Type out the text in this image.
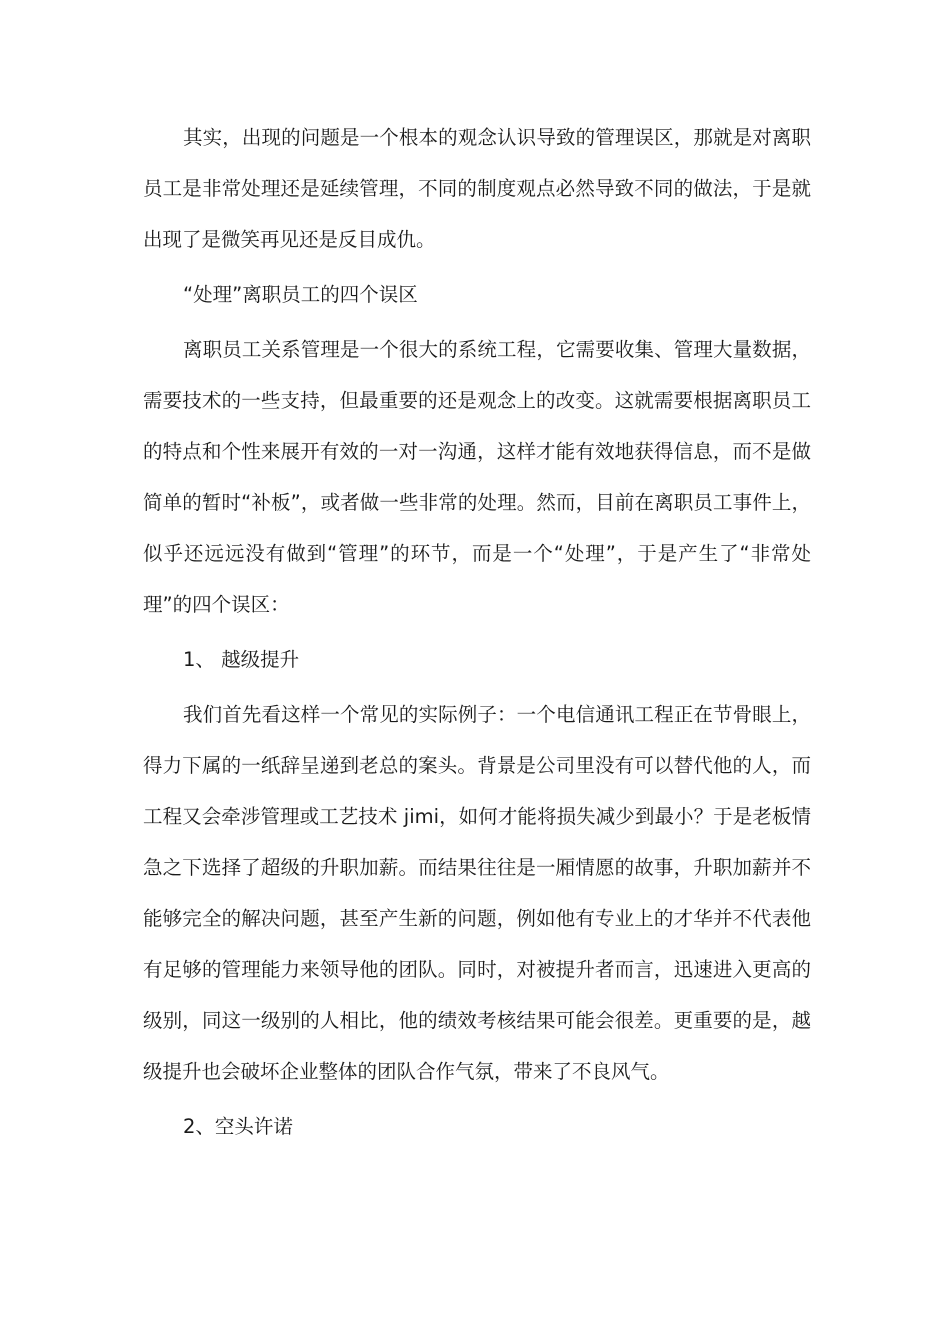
其实，出现的问题是一个根本的观念认识导致的管理误区，那就是对离职员工是非常处理还是延续管理，不同的制度观点必然导致不同的做法，于是就出现了是微笑再见还是反目成仇。

“处理”离职员工的四个误区

离职员工关系管理是一个很大的系统工程，它需要收集、管理大量数据，需要技术的一些支持，但最重要的还是观念上的改变。这就需要根据离职员工的特点和个性来展开有效的一对一沟通，这样才能有效地获得信息，而不是做简单的暂时“补板”，或者做一些非常的处理。然而，目前在离职员工事件上，似乎还远远没有做到“管理”的环节，而是一个“处理”，于是产生了“非常处理”的四个误区：

1、 越级提升

我们首先看这样一个常见的实际例子：一个电信通讯工程正在节骨眼上，得力下属的一纸辞呈递到老总的案头。背景是公司里没有可以替代他的人，而工程又会牵涉管理或工艺技术 jimi，如何才能将损失减少到最小？于是老板情急之下选择了超级的升职加薪。而结果往往是一厢情愿的故事，升职加薪并不能够完全的解决问题，甚至产生新的问题，例如他有专业上的才华并不代表他有足够的管理能力来领导他的团队。同时，对被提升者而言，迅速进入更高的级别，同这一级别的人相比，他的绩效考核结果可能会很差。更重要的是，越级提升也会破坏企业整体的团队合作气氛，带来了不良风气。

2、空头许诺
